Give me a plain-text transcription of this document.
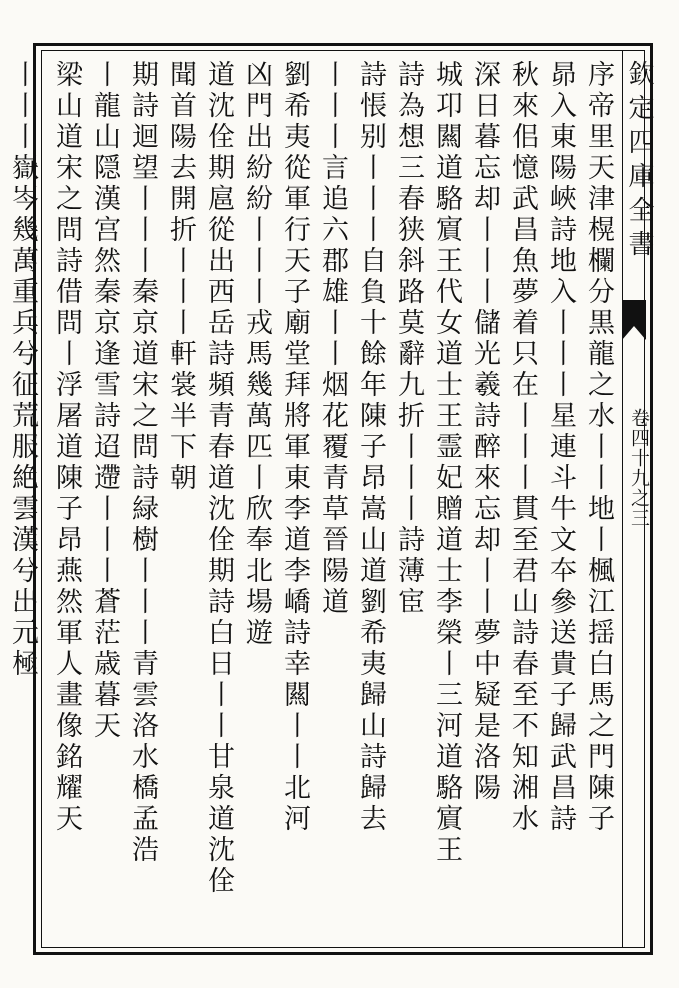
欽定四庫全書
卷四十九之三
序帝里天津榥欄分黒龍之水丨丨地丨楓江揺白馬之門陳子
昴入東陽峽詩地入丨丨丨星連斗牛文夲參送貴子歸武昌詩
秋來佀憶武昌魚夢着只在丨丨丨貫至君山詩春至不知湘水
深日暮忘却丨丨丨儲光羲詩醉來忘却丨丨夢中疑是洛陽
城卭闗道駱賔王代女道士王霊妃贈道士李榮丨三河道駱賔王
詩為想三春狭斜路莫辭九折丨丨丨詩薄宦
詩悵别丨丨丨自負十餘年陳子昂嵩山道劉希夷歸山詩歸去
丨丨丨言追六郡雄丨丨烟花覆青草晉陽道
劉希夷從軍行天子廟堂拜將軍東李道李嶠詩幸闗丨丨北河
凶門出紛紛丨丨丨戎馬幾萬匹丨欣奉北場遊
道沈佺期扈從出西岳詩頻青春道沈佺期詩白日丨丨甘泉道沈佺
聞首陽去開折丨丨丨軒裳半下朝
期詩迴望丨丨丨秦京道宋之問詩緑樹丨丨丨青雲洛水橋孟浩
丨龍山隠漢宫然秦京逢雪詩迢遰丨丨丨蒼茫歳暮天
梁山道宋之問詩借問丨浮屠道陳子昂燕然軍人畫像銘耀天
丨丨丨嶽岑幾萬重兵兮征荒服絶雲漢兮出元極
